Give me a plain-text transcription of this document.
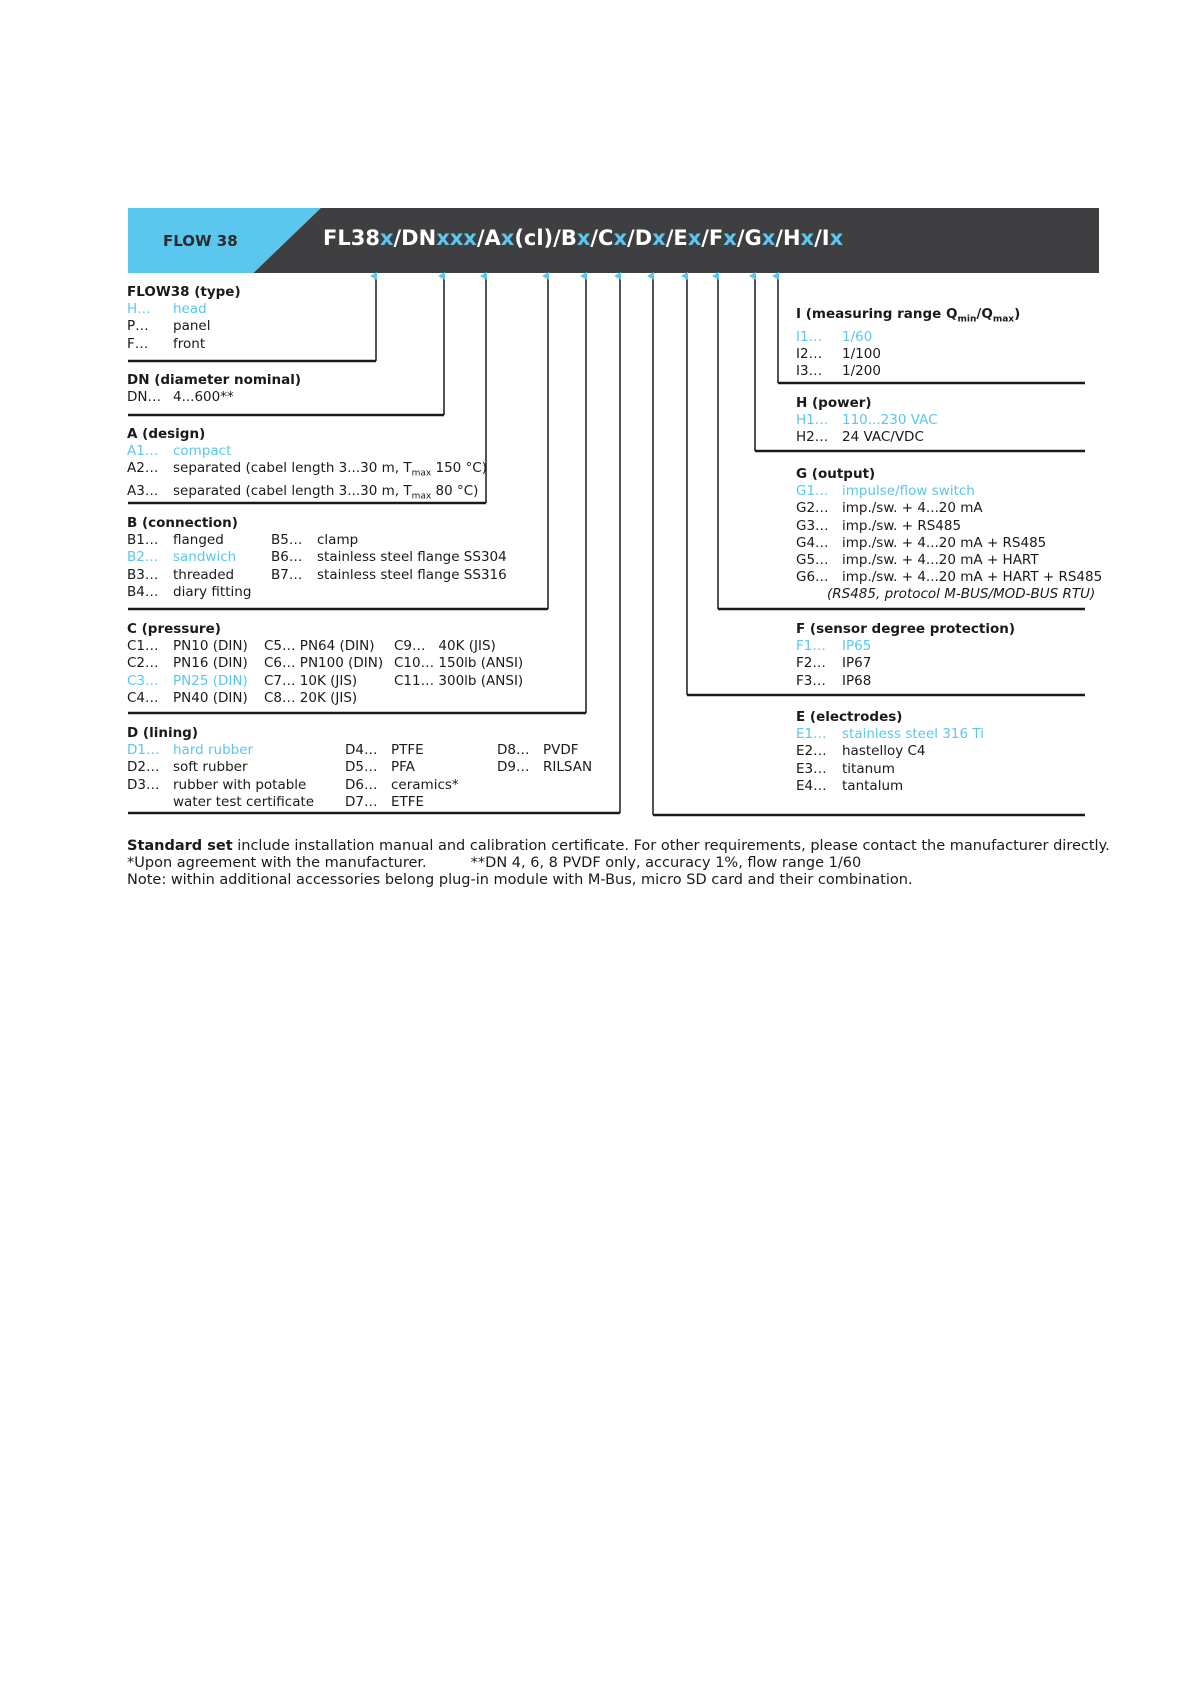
FLOW 38	FL38x/DNxxx/Ax(cl)/Bx/Cx/Dx/Ex/Fx/Gx/Hx/Ix
FLOW38 (type)
H…	head
P…	panel
F…	front
DN (diameter nominal)
DN… 4...600**
A (design)
A1…	compact
A2…	separated (cabel length 3...30 m, $T_{max}$ 150 °C)
A3…	separated (cabel length 3...30 m, $T_{max}$ 80 °C)
B (connection)
B1…	flanged
B2…	sandwich
B3…	threaded
B4…	diary fitting
B5…	clamp
B6…	stainless steel flange SS304
B7…	stainless steel flange SS316
C (pressure)
C1…	PN10 (DIN)
C2…	PN16 (DIN)
C3…	PN25 (DIN)
C4…	PN40 (DIN)
C5… PN64 (DIN)
C6… PN100 (DIN)
C7… 10K (JIS)
C8… 20K (JIS)
C9…   40K (JIS)
C10… 150lb (ANSI)
C11… 300lb (ANSI)
D (lining)
D1…	hard rubber
D2…	soft rubber
D3…	rubber with potable
water test certificate
D4…	PTFE
D5…	PFA
D6…	ceramics*
D7…	ETFE
D8…	PVDF
D9…	RILSAN
I (measuring range $Q_{min}/Q_{max}$)
I1…	1/60
I2…	1/100
I3…	1/200
H (power)
H1…	110...230 VAC
H2…	24 VAC/VDC
G (output)
G1… impulse/flow switch
G2… imp./sw. + 4...20 mA
G3… imp./sw. + RS485
G4… imp./sw. + 4...20 mA + RS485
G5… imp./sw. + 4...20 mA + HART
G6… imp./sw. + 4...20 mA + HART + RS485
(RS485, protocol M-BUS/MOD-BUS RTU)
F (sensor degree protection)
F1…	IP65
F2…	IP67
F3…	IP68
E (electrodes)
E1…	stainless steel 316 Ti
E2…	hastelloy C4
E3…	titanum
E4…	tantalum
Standard set include installation manual and calibration certificate. For other requirements, please contact the manufacturer directly.
*Upon agreement with the manufacturer.	**DN 4, 6, 8 PVDF only, accuracy 1%, flow range 1/60
Note: within additional accessories belong plug-in module with M-Bus, micro SD card and their combination.
